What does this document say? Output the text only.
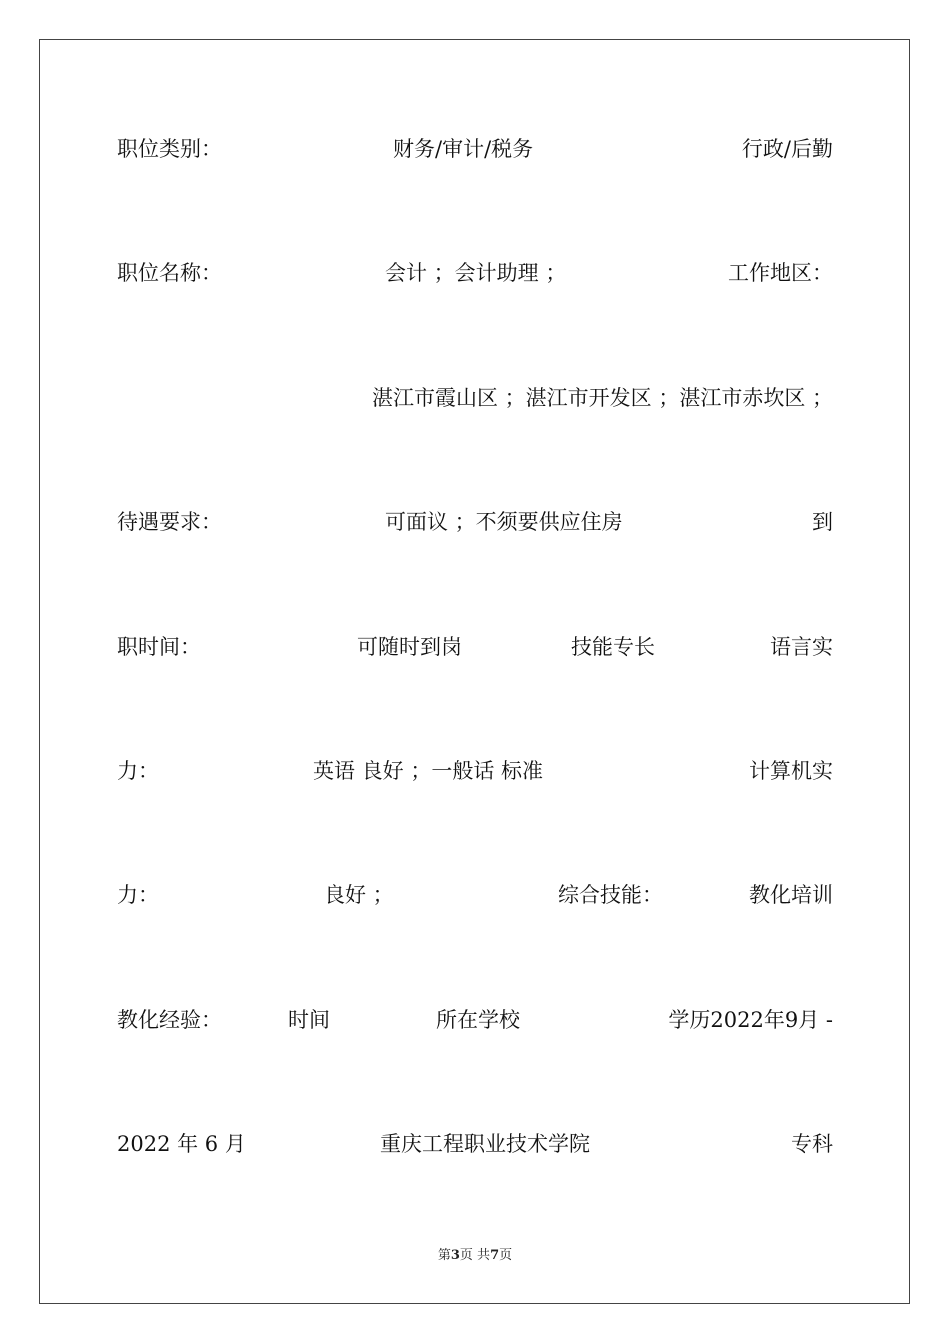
职位类别：	财务/审计/税务	行政/后勤
职位名称：	会计 ；会计助理 ；	工作地区：
湛江市霞山区 ；湛江市开发区 ；湛江市赤坎区 ；
待遇要求：	可面议 ；不须要供应住房	到
职时间：	可随时到岗	技能专长	语言实
力：	英语 良好 ；一般话 标准	计算机实
力：	良好 ；	综合技能：	教化培训
教化经验：	时间	所在学校	学历2022年9月 -
2022 年 6 月	重庆工程职业技术学院	专科
第3页 共7页
